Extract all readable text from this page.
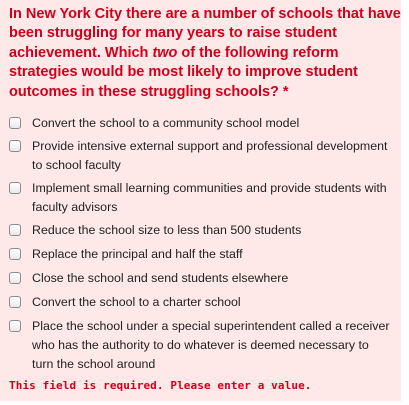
In New York City there are a number of schools that have been struggling for many years to raise student achievement. Which two of the following reform strategies would be most likely to improve student outcomes in these struggling schools? *

Convert the school to a community school model
Provide intensive external support and professional development to school faculty
Implement small learning communities and provide students with faculty advisors
Reduce the school size to less than 500 students
Replace the principal and half the staff
Close the school and send students elsewhere
Convert the school to a charter school
Place the school under a special superintendent called a receiver who has the authority to do whatever is deemed necessary to turn the school around

This field is required. Please enter a value.
